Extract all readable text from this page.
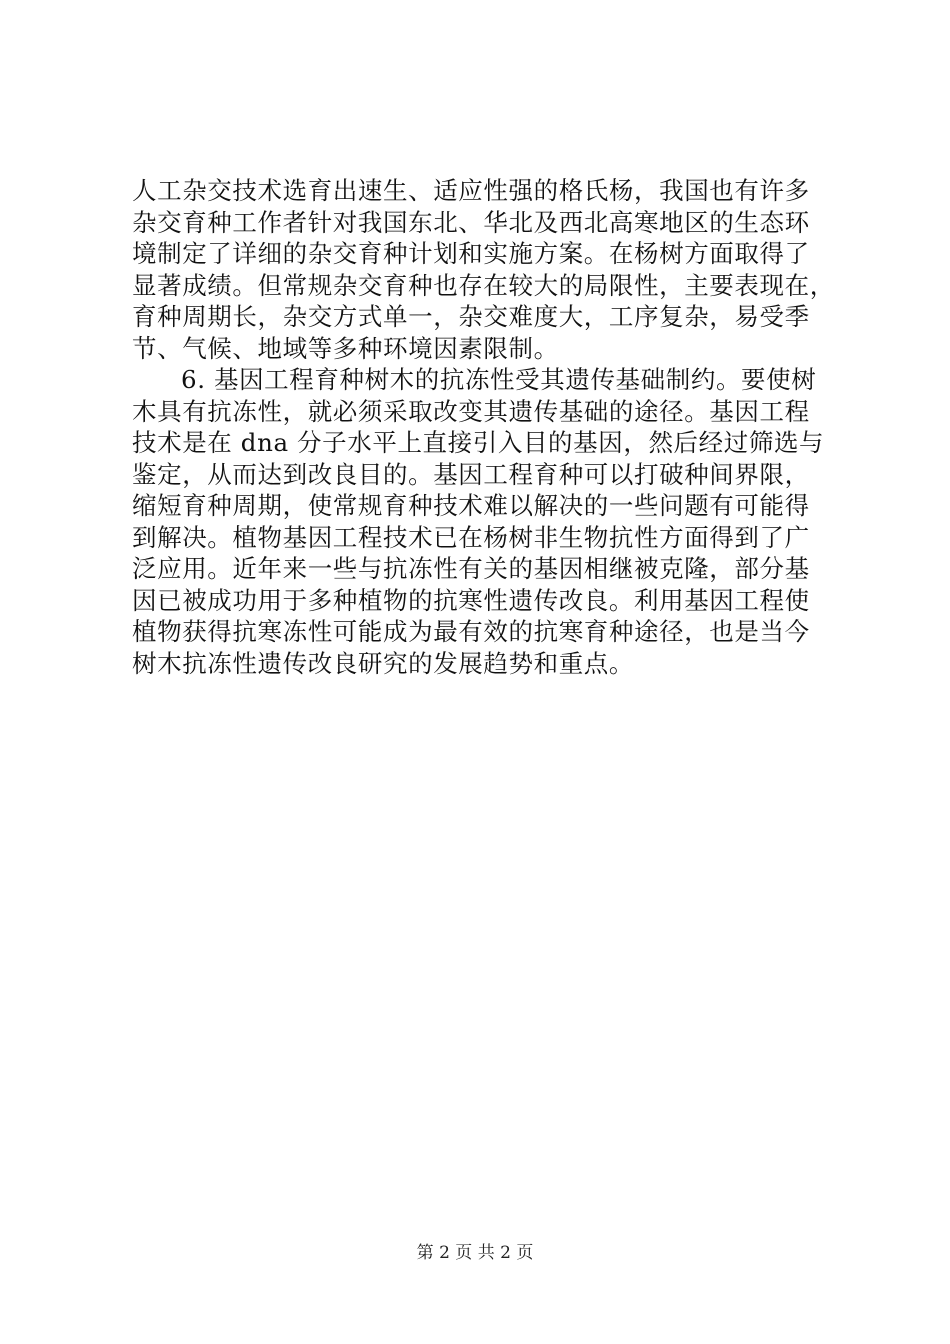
人工杂交技术选育出速生、适应性强的格氏杨，我国也有许多
杂交育种工作者针对我国东北、华北及西北高寒地区的生态环
境制定了详细的杂交育种计划和实施方案。在杨树方面取得了
显著成绩。但常规杂交育种也存在较大的局限性，主要表现在，
育种周期长，杂交方式单一，杂交难度大，工序复杂，易受季
节、气候、地域等多种环境因素限制。
6. 基因工程育种树木的抗冻性受其遗传基础制约。要使树
木具有抗冻性，就必须采取改变其遗传基础的途径。基因工程
技术是在 dna 分子水平上直接引入目的基因，然后经过筛选与
鉴定，从而达到改良目的。基因工程育种可以打破种间界限，
缩短育种周期，使常规育种技术难以解决的一些问题有可能得
到解决。植物基因工程技术已在杨树非生物抗性方面得到了广
泛应用。近年来一些与抗冻性有关的基因相继被克隆，部分基
因已被成功用于多种植物的抗寒性遗传改良。利用基因工程使
植物获得抗寒冻性可能成为最有效的抗寒育种途径，也是当今
树木抗冻性遗传改良研究的发展趋势和重点。
第 2 页 共 2 页
